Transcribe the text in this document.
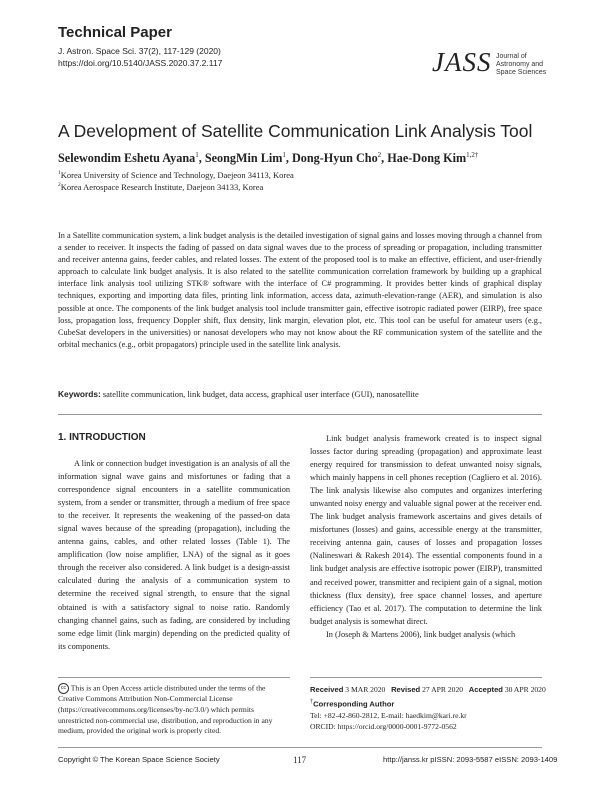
Technical Paper
J. Astron. Space Sci. 37(2), 117-129 (2020)
https://doi.org/10.5140/JASS.2020.37.2.117	JASS Journal of
Astronomy and
Space Sciences
A Development of Satellite Communication Link Analysis Tool
Selewondim Eshetu Ayana$^1$, SeongMin Lim$^1$, Dong-Hyun Cho$^2$, Hae-Dong Kim$^{1,2\dagger}$
$^1$Korea University of Science and Technology, Daejeon 34113, Korea
$^2$Korea Aerospace Research Institute, Daejeon 34133, Korea

In a Satellite communication system, a link budget analysis is the detailed investigation of signal gains and losses moving through a channel from a sender to receiver. It inspects the fading of passed on data signal waves due to the process of spreading or propagation, including transmitter and receiver antenna gains, feeder cables, and related losses. The extent of the proposed tool is to make an effective, efficient, and user-friendly approach to calculate link budget analysis. It is also related to the satellite communication correlation framework by building up a graphical interface link analysis tool utilizing STK® software with the interface of C# programming. It provides better kinds of graphical display techniques, exporting and importing data files, printing link information, access data, azimuth-elevation-range (AER), and simulation is also possible at once. The components of the link budget analysis tool include transmitter gain, effective isotropic radiated power (EIRP), free space loss, propagation loss, frequency Doppler shift, flux density, link margin, elevation plot, etc. This tool can be useful for amateur users (e.g., CubeSat developers in the universities) or nanosat developers who may not know about the RF communication system of the satellite and the orbital mechanics (e.g., orbit propagators) principle used in the satellite link analysis.

Keywords: satellite communication, link budget, data access, graphical user interface (GUI), nanosatellite
1. INTRODUCTION

A link or connection budget investigation is an analysis of all the information signal wave gains and misfortunes or fading that a correspondence signal encounters in a satellite communication system, from a sender or transmitter, through a medium of free space to the receiver. It represents the weakening of the passed-on data signal waves because of the spreading (propagation), including the antenna gains, cables, and other related losses (Table 1). The amplification (low noise amplifier, LNA) of the signal as it goes through the receiver also considered. A link budget is a design-assist calculated during the analysis of a communication system to determine the received signal strength, to ensure that the signal obtained is with a satisfactory signal to noise ratio. Randomly changing channel gains, such as fading, are considered by including some edge limit (link margin) depending on the predicted quality of its components.

Link budget analysis framework created is to inspect signal losses factor during spreading (propagation) and approximate least energy required for transmission to defeat unwanted noisy signals, which mainly happens in cell phones reception (Cagliero et al. 2016). The link analysis likewise also computes and organizes interfering unwanted noisy energy and valuable signal power at the receiver end. The link budget analysis framework ascertains and gives details of misfortunes (losses) and gains, accessible energy at the transmitter, receiving antenna gain, causes of losses and propagation losses (Nalineswari & Rakesh 2014). The essential components found in a link budget analysis are effective isotropic power (EIRP), transmitted and received power, transmitter and recipient gain of a signal, motion thickness (flux density), free space channel losses, and aperture efficiency (Tao et al. 2017). The computation to determine the link budget analysis is somewhat direct.

In (Joseph & Martens 2006), link budget analysis (which

cc This is an Open Access article distributed under the terms of the Creative Commons Attribution Non-Commercial License (https://creativecommons.org/licenses/by-nc/3.0/) which permits unrestricted non-commercial use, distribution, and reproduction in any medium, provided the original work is properly cited.
Received 3 MAR 2020 Revised 27 APR 2020 Accepted 30 APR 2020
†Corresponding Author
Tel: +82-42-860-2812, E-mail: haedkim@kari.re.kr
ORCID: https://orcid.org/0000-0001-9772-0562
Copyright © The Korean Space Science Society	117	http://janss.kr pISSN: 2093-5587 eISSN: 2093-1409
